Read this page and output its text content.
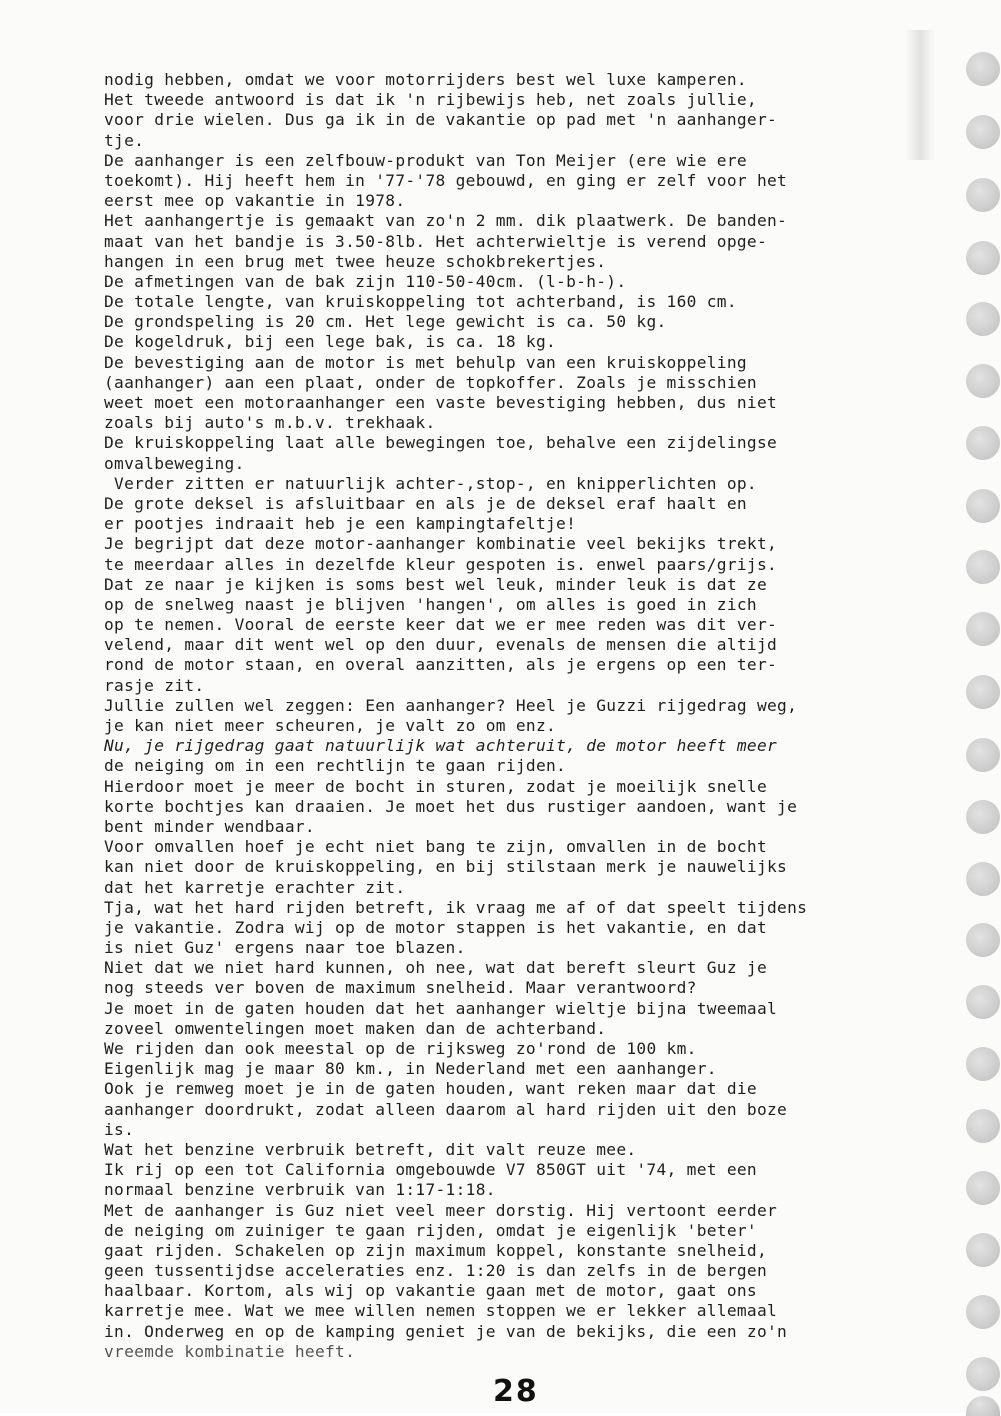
nodig hebben, omdat we voor motorrijders best wel luxe kamperen.
Het tweede antwoord is dat ik 'n rijbewijs heb, net zoals jullie,
voor drie wielen. Dus ga ik in de vakantie op pad met 'n aanhanger-
tje.
De aanhanger is een zelfbouw-produkt van Ton Meijer (ere wie ere
toekomt). Hij heeft hem in '77-'78 gebouwd, en ging er zelf voor het
eerst mee op vakantie in 1978.
Het aanhangertje is gemaakt van zo'n 2 mm. dik plaatwerk. De banden-
maat van het bandje is 3.50-8lb. Het achterwieltje is verend opge-
hangen in een brug met twee heuze schokbrekertjes.
De afmetingen van de bak zijn 110-50-40cm. (l-b-h-).
De totale lengte, van kruiskoppeling tot achterband, is 160 cm.
De grondspeling is 20 cm. Het lege gewicht is ca. 50 kg.
De kogeldruk, bij een lege bak, is ca. 18 kg.
De bevestiging aan de motor is met behulp van een kruiskoppeling
(aanhanger) aan een plaat, onder de topkoffer. Zoals je misschien
weet moet een motoraanhanger een vaste bevestiging hebben, dus niet
zoals bij auto's m.b.v. trekhaak.
De kruiskoppeling laat alle bewegingen toe, behalve een zijdelingse
omvalbeweging.
Verder zitten er natuurlijk achter-,stop-, en knipperlichten op.
De grote deksel is afsluitbaar en als je de deksel eraf haalt en
er pootjes indraait heb je een kampingtafeltje!
Je begrijpt dat deze motor-aanhanger kombinatie veel bekijks trekt,
te meerdaar alles in dezelfde kleur gespoten is. enwel paars/grijs.
Dat ze naar je kijken is soms best wel leuk, minder leuk is dat ze
op de snelweg naast je blijven 'hangen', om alles is goed in zich
op te nemen. Vooral de eerste keer dat we er mee reden was dit ver-
velend, maar dit went wel op den duur, evenals de mensen die altijd
rond de motor staan, en overal aanzitten, als je ergens op een ter-
rasje zit.
Jullie zullen wel zeggen: Een aanhanger? Heel je Guzzi rijgedrag weg,
je kan niet meer scheuren, je valt zo om enz.
Nu, je rijgedrag gaat natuurlijk wat achteruit, de motor heeft meer
de neiging om in een rechtlijn te gaan rijden.
Hierdoor moet je meer de bocht in sturen, zodat je moeilijk snelle
korte bochtjes kan draaien. Je moet het dus rustiger aandoen, want je
bent minder wendbaar.
Voor omvallen hoef je echt niet bang te zijn, omvallen in de bocht
kan niet door de kruiskoppeling, en bij stilstaan merk je nauwelijks
dat het karretje erachter zit.
Tja, wat het hard rijden betreft, ik vraag me af of dat speelt tijdens
je vakantie. Zodra wij op de motor stappen is het vakantie, en dat
is niet Guz' ergens naar toe blazen.
Niet dat we niet hard kunnen, oh nee, wat dat bereft sleurt Guz je
nog steeds ver boven de maximum snelheid. Maar verantwoord?
Je moet in de gaten houden dat het aanhanger wieltje bijna tweemaal
zoveel omwentelingen moet maken dan de achterband.
We rijden dan ook meestal op de rijksweg zo'rond de 100 km.
Eigenlijk mag je maar 80 km., in Nederland met een aanhanger.
Ook je remweg moet je in de gaten houden, want reken maar dat die
aanhanger doordrukt, zodat alleen daarom al hard rijden uit den boze
is.
Wat het benzine verbruik betreft, dit valt reuze mee.
Ik rij op een tot California omgebouwde V7 850GT uit '74, met een
normaal benzine verbruik van 1:17-1:18.
Met de aanhanger is Guz niet veel meer dorstig. Hij vertoont eerder
de neiging om zuiniger te gaan rijden, omdat je eigenlijk 'beter'
gaat rijden. Schakelen op zijn maximum koppel, konstante snelheid,
geen tussentijdse acceleraties enz. 1:20 is dan zelfs in de bergen
haalbaar. Kortom, als wij op vakantie gaan met de motor, gaat ons
karretje mee. Wat we mee willen nemen stoppen we er lekker allemaal
in. Onderweg en op de kamping geniet je van de bekijks, die een zo'n
vreemde kombinatie heeft.
28
